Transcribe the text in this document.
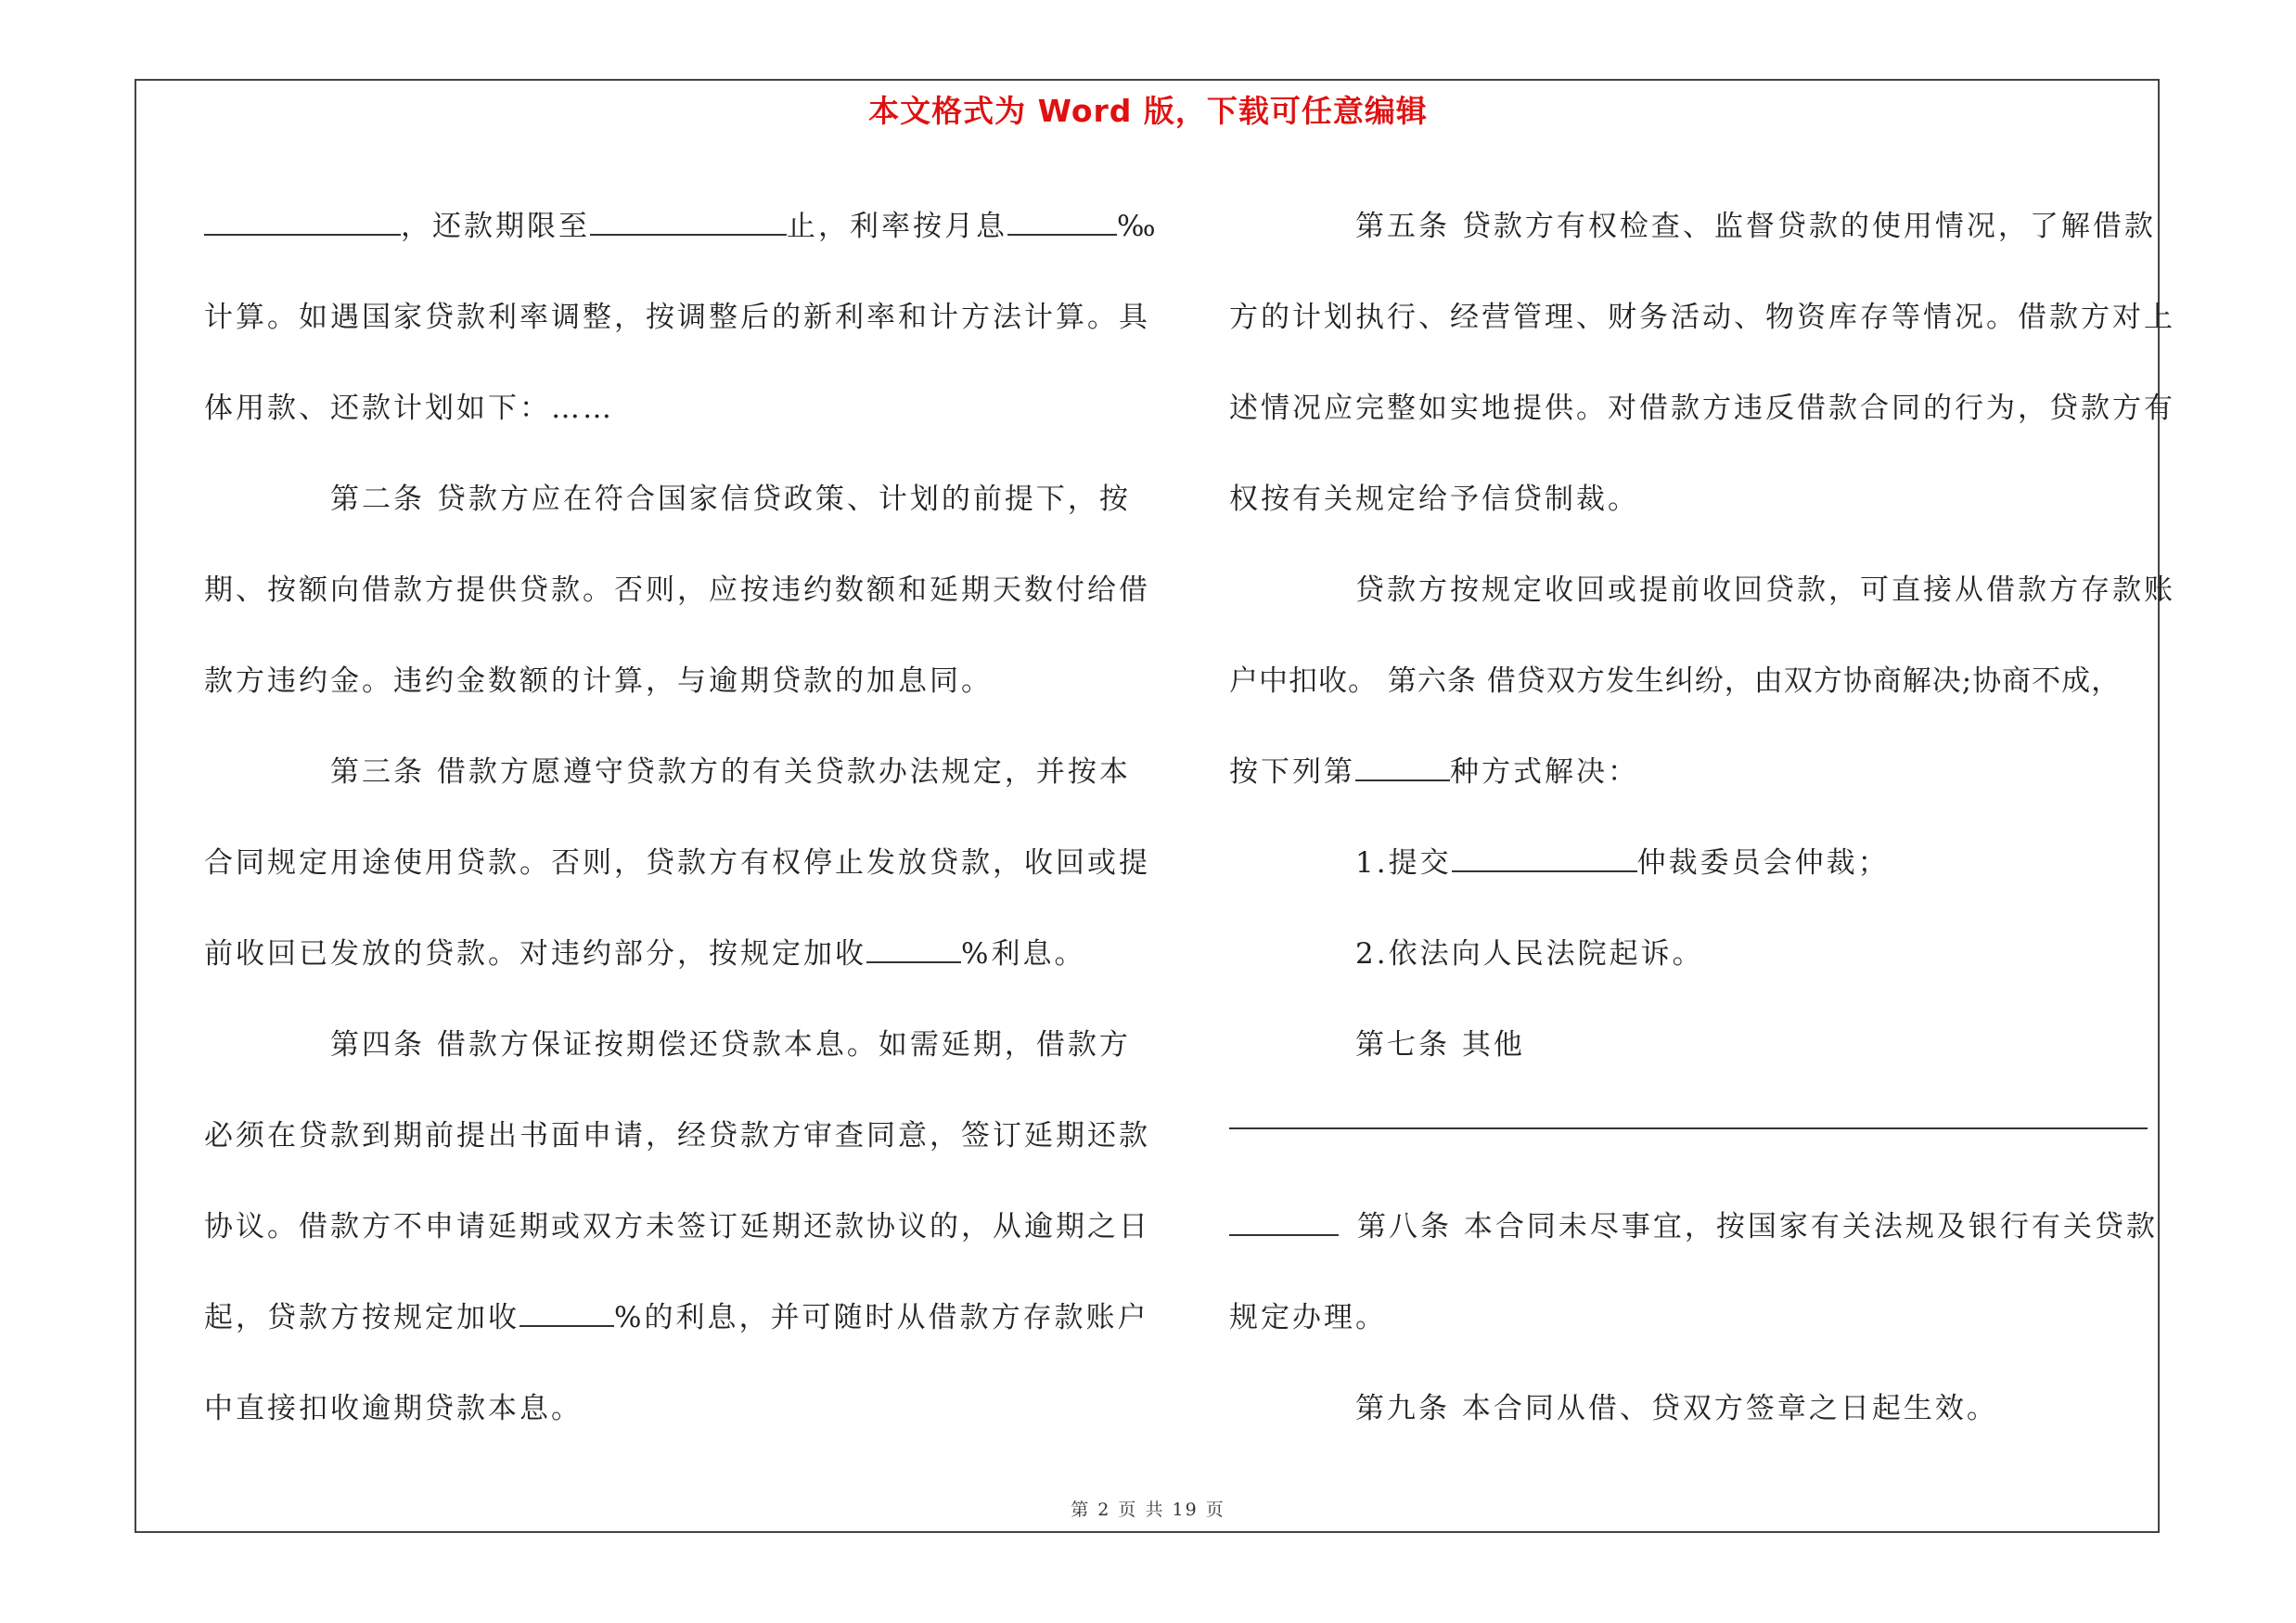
本文格式为 Word 版，下载可任意编辑
，还款期限至	止，利率按月息	‰
计算。如遇国家贷款利率调整，按调整后的新利率和计方法计算。具
体用款、还款计划如下：……
第二条 贷款方应在符合国家信贷政策、计划的前提下，按
期、按额向借款方提供贷款。否则，应按违约数额和延期天数付给借
款方违约金。违约金数额的计算，与逾期贷款的加息同。
第三条 借款方愿遵守贷款方的有关贷款办法规定，并按本
合同规定用途使用贷款。否则，贷款方有权停止发放贷款，收回或提
前收回已发放的贷款。对违约部分，按规定加收	%利息。
第四条 借款方保证按期偿还贷款本息。如需延期，借款方
必须在贷款到期前提出书面申请，经贷款方审查同意，签订延期还款
协议。借款方不申请延期或双方未签订延期还款协议的，从逾期之日
起，贷款方按规定加收	%的利息，并可随时从借款方存款账户
中直接扣收逾期贷款本息。
第五条 贷款方有权检查、监督贷款的使用情况，了解借款
方的计划执行、经营管理、财务活动、物资库存等情况。借款方对上
述情况应完整如实地提供。对借款方违反借款合同的行为，贷款方有
权按有关规定给予信贷制裁。
贷款方按规定收回或提前收回贷款，可直接从借款方存款账
户中扣收。 第六条 借贷双方发生纠纷，由双方协商解决;协商不成，
按下列第	种方式解决：
1.提交	仲裁委员会仲裁；
2.依法向人民法院起诉。
第七条 其他
第八条 本合同未尽事宜，按国家有关法规及银行有关贷款
规定办理。
第九条 本合同从借、贷双方签章之日起生效。
第 2 页 共 19 页
